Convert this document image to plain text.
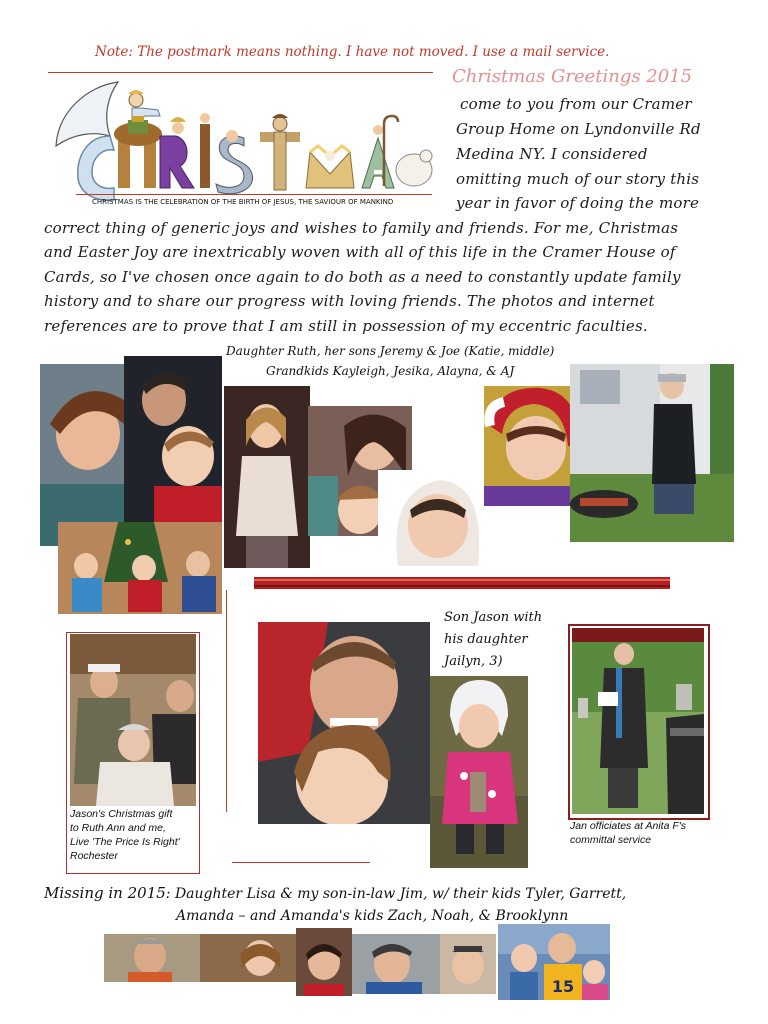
Note: The postmark means nothing. I have not moved. I use a mail service.
CHRISTMAS IS THE CELEBRATION OF THE BIRTH OF JESUS, THE SAVIOUR OF MANKIND
Christmas Greetings 2015
come to you from our Cramer
Group Home on Lyndonville Rd
Medina NY. I considered
omitting much of our story this
year in favor of doing the more
correct thing of generic joys and wishes to family and friends. For me, Christmas
and Easter Joy are inextricably woven with all of this life in the Cramer House of
Cards, so I've chosen once again to do both as a need to constantly update family
history and to share our progress with loving friends. The photos and internet
references are to prove that I am still in possession of my eccentric faculties.
Daughter Ruth, her sons Jeremy & Joe (Katie, middle)
Grandkids Kayleigh, Jesika, Alayna, & AJ
Son Jason with
his daughter
Jailyn, 3)
Jason's Christmas gift
to Ruth Ann and me,
Live 'The Price Is Right'
Rochester
Jan officiates at Anita F's
committal service
Missing in 2015: Daughter Lisa & my son-in-law Jim, w/ their kids Tyler, Garrett,
Amanda – and Amanda's kids Zach, Noah, & Brooklynn
15
